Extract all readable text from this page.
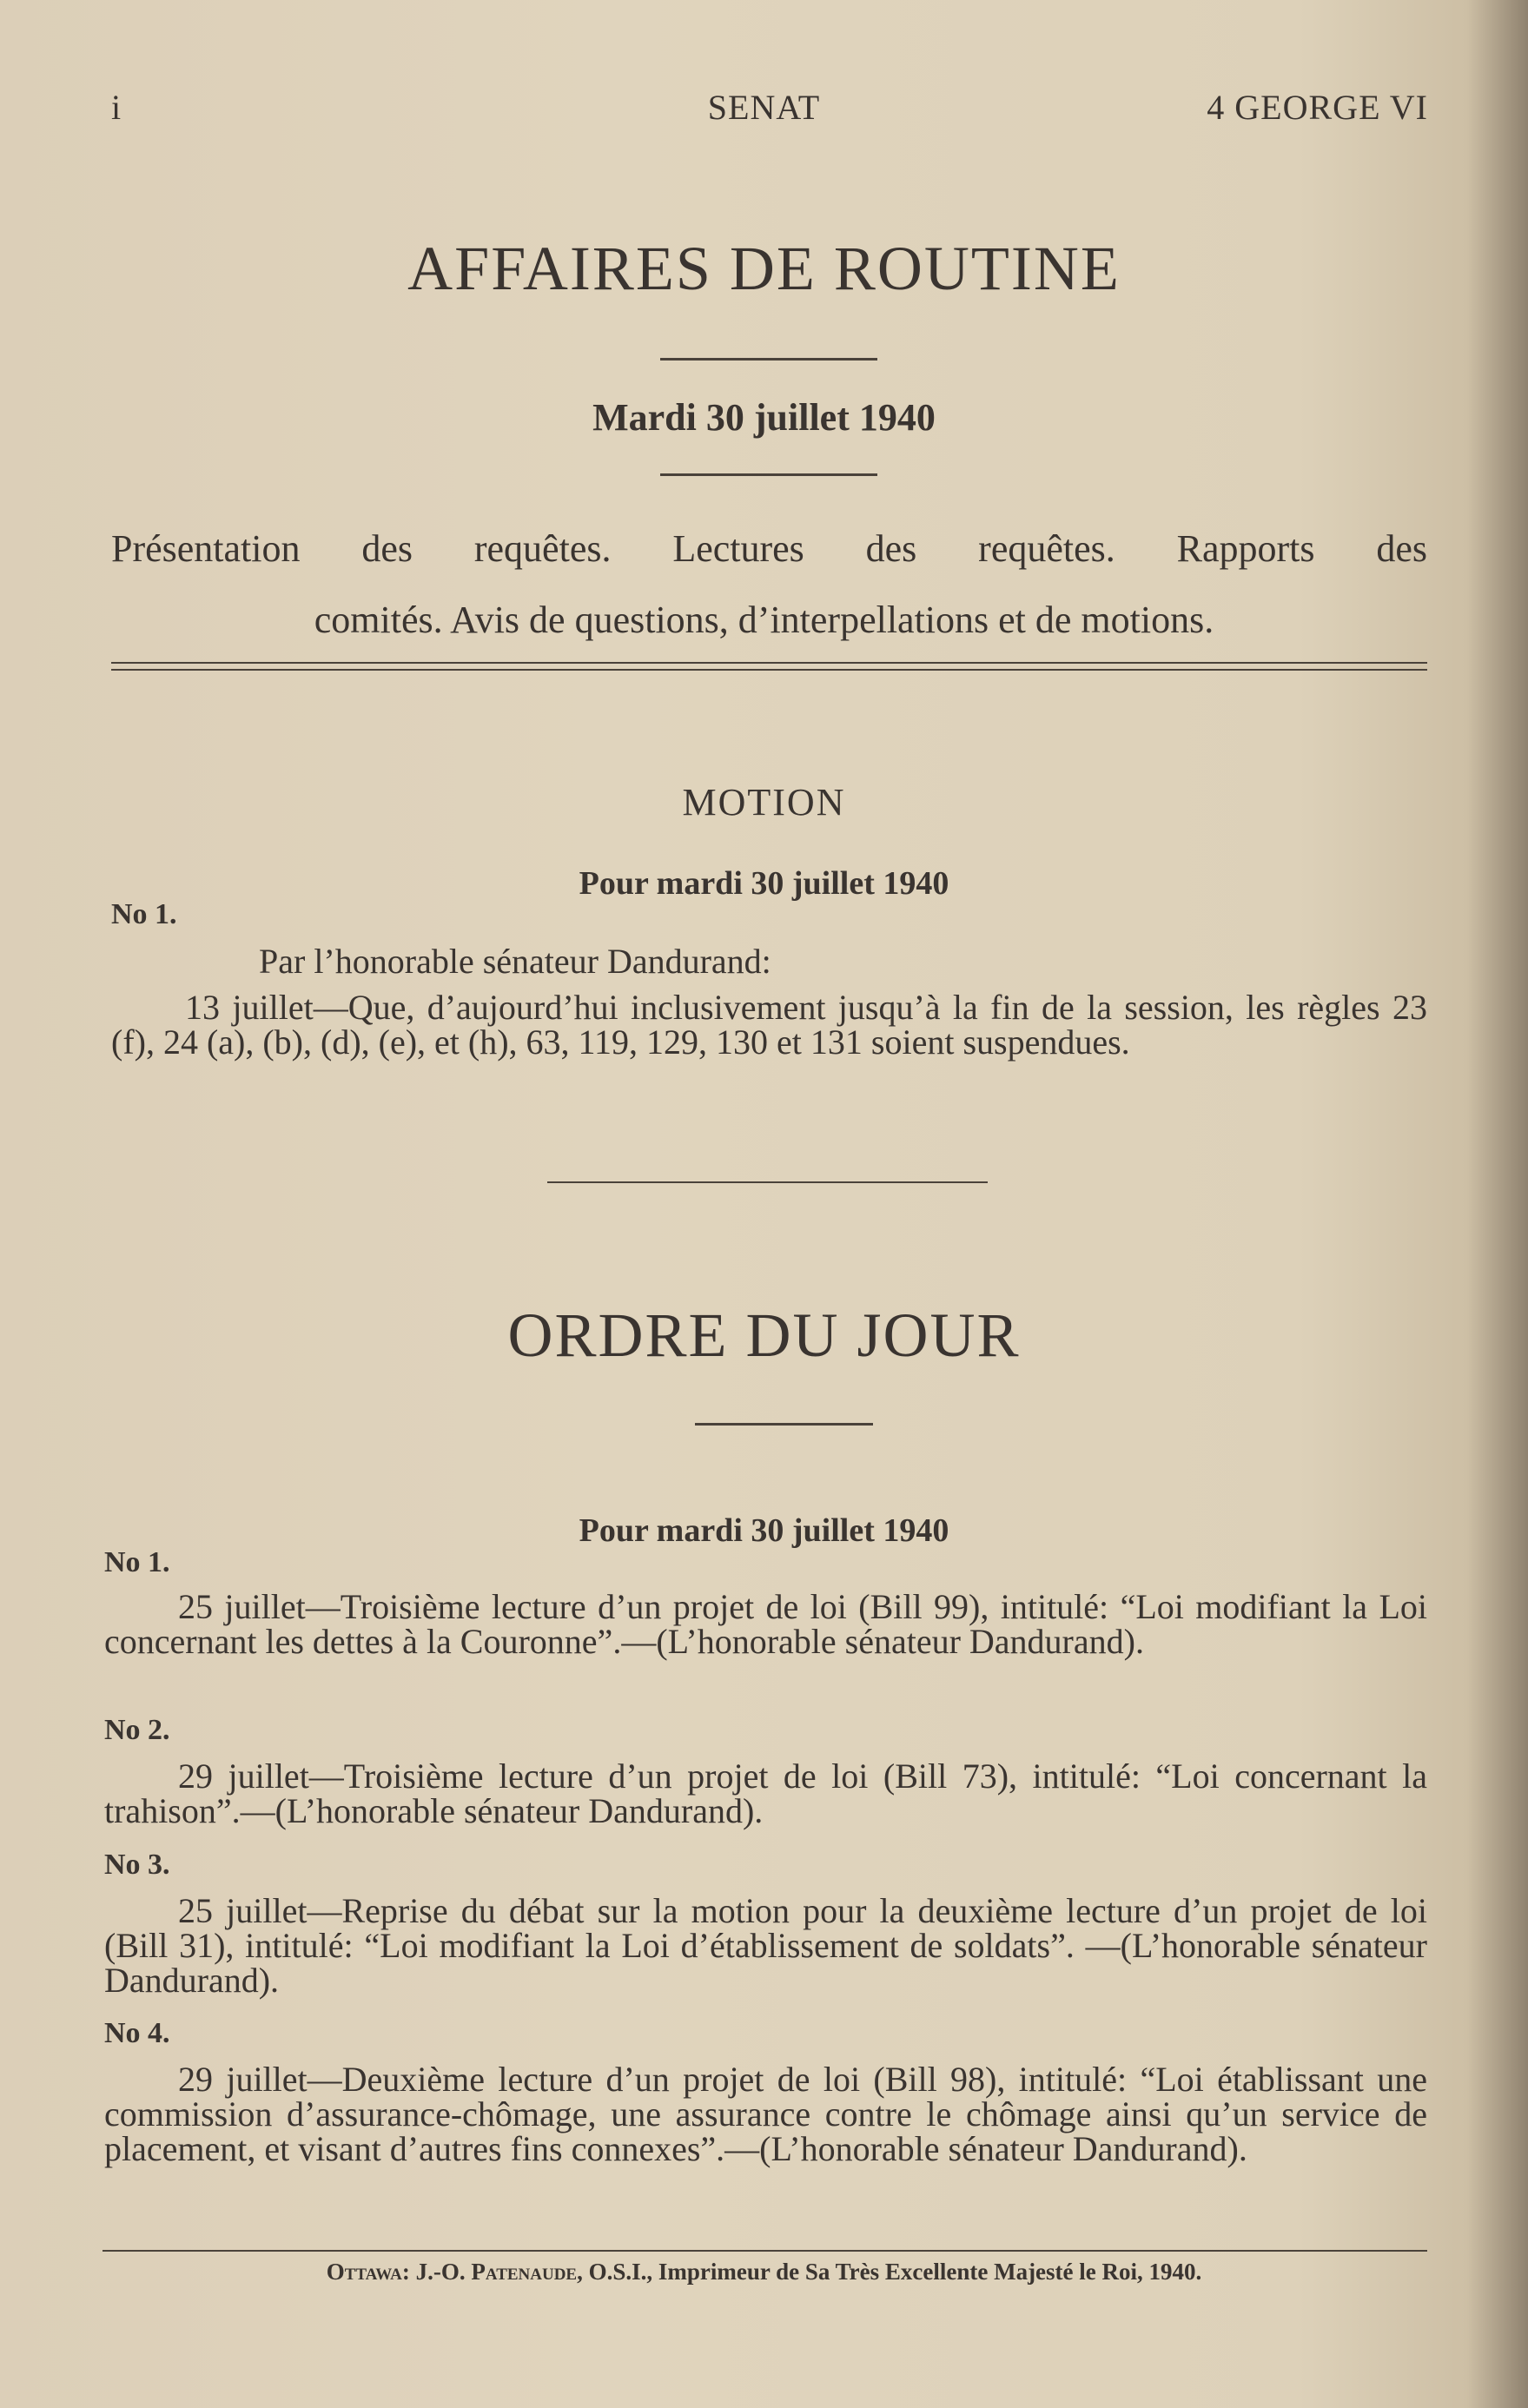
i	SENAT	4 GEORGE VI
AFFAIRES DE ROUTINE
Mardi 30 juillet 1940
Présentation des requêtes. Lectures des requêtes. Rapports des
comités. Avis de questions, d’interpellations et de motions.
MOTION
Pour mardi 30 juillet 1940
No 1.
Par l’honorable sénateur Dandurand:
13 juillet—Que, d’aujourd’hui inclusivement jusqu’à la fin de la session, les règles 23 (f), 24 (a), (b), (d), (e), et (h), 63, 119, 129, 130 et 131 soient suspendues.
ORDRE DU JOUR
Pour mardi 30 juillet 1940
No 1.
25 juillet—Troisième lecture d’un projet de loi (Bill 99), intitulé: “Loi modifiant la Loi concernant les dettes à la Couronne”.—(L’honorable sénateur Dandurand).
No 2.
29 juillet—Troisième lecture d’un projet de loi (Bill 73), intitulé: “Loi concernant la trahison”.—(L’honorable sénateur Dandurand).
No 3.
25 juillet—Reprise du débat sur la motion pour la deuxième lecture d’un projet de loi (Bill 31), intitulé: “Loi modifiant la Loi d’établissement de soldats”. —(L’honorable sénateur Dandurand).
No 4.
29 juillet—Deuxième lecture d’un projet de loi (Bill 98), intitulé: “Loi établissant une commission d’assurance-chômage, une assurance contre le chômage ainsi qu’un service de placement, et visant d’autres fins connexes”.—(L’honorable sénateur Dandurand).
Ottawa: J.-O. Patenaude, O.S.I., Imprimeur de Sa Très Excellente Majesté le Roi, 1940.
